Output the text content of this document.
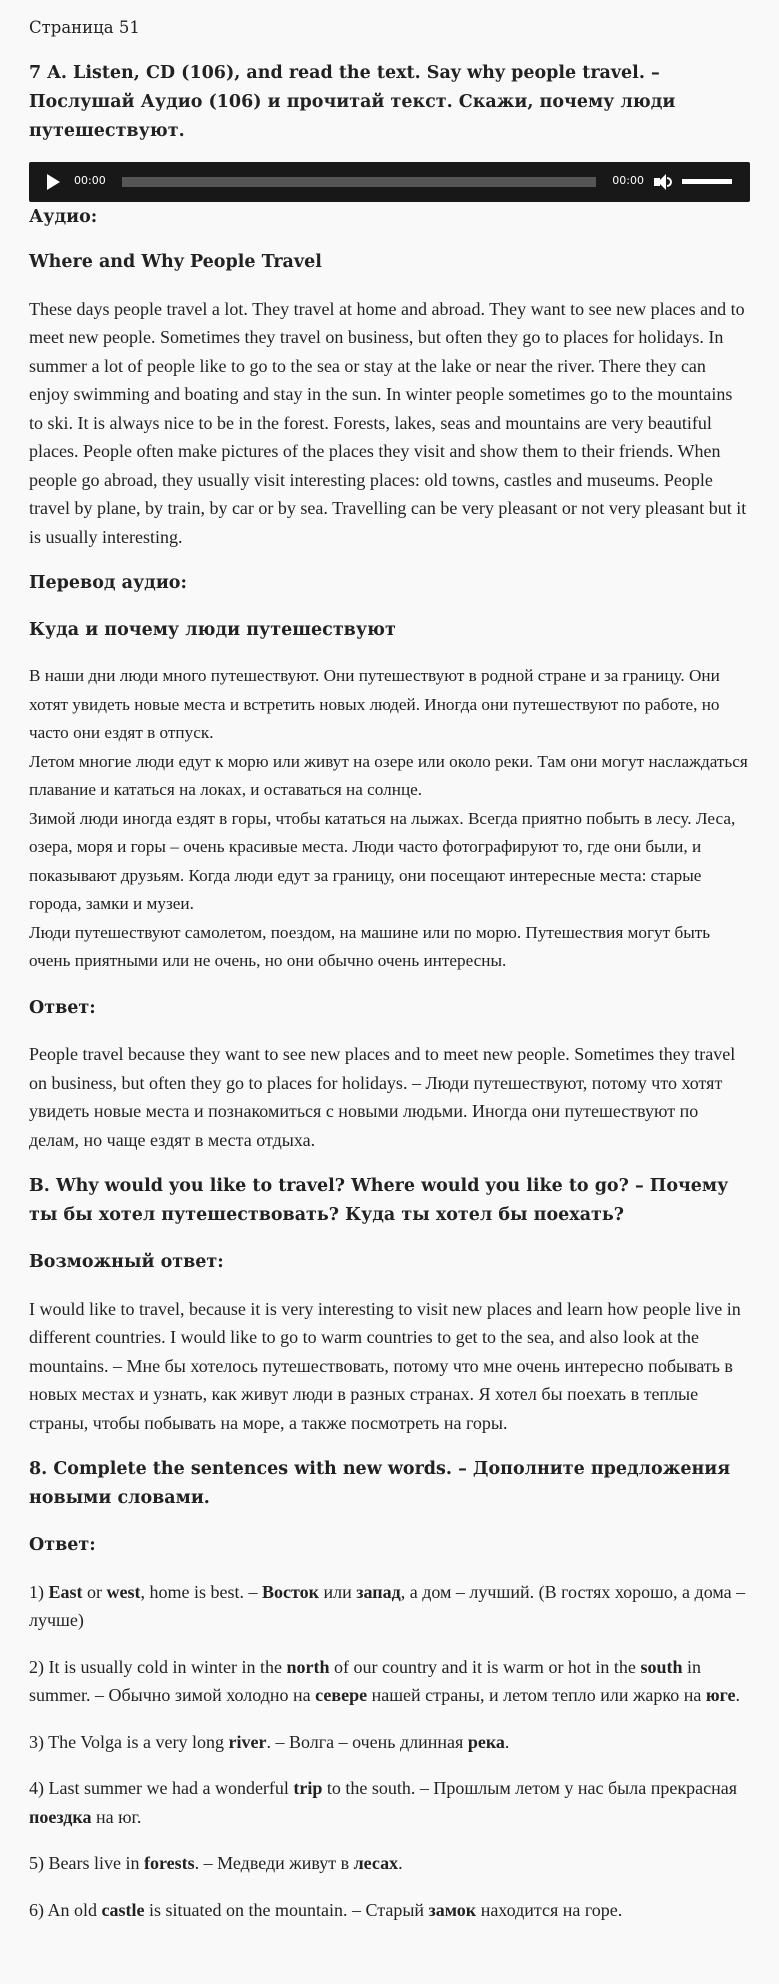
Страница 51

7 A. Listen, CD (106), and read the text. Say why people travel. – Послушай Аудио (106) и прочитай текст. Скажи, почему люди путешествуют.

00:00	00:00

Аудио:

Where and Why People Travel

These days people travel a lot. They travel at home and abroad. They want to see new places and to meet new people. Sometimes they travel on business, but often they go to places for holidays. In summer a lot of people like to go to the sea or stay at the lake or near the river. There they can enjoy swimming and boating and stay in the sun. In winter people sometimes go to the mountains to ski. It is always nice to be in the forest. Forests, lakes, seas and mountains are very beautiful places. People often make pictures of the places they visit and show them to their friends. When people go abroad, they usually visit interesting places: old towns, castles and museums. People travel by plane, by train, by car or by sea. Travelling can be very pleasant or not very pleasant but it is usually interesting.

Перевод аудио:

Куда и почему люди путешествуют

В наши дни люди много путешествуют. Они путешествуют в родной стране и за границу. Они хотят увидеть новые места и встретить новых людей. Иногда они путешествуют по работе, но часто они ездят в отпуск.

Летом многие люди едут к морю или живут на озере или около реки. Там они могут наслаждаться плавание и кататься на локах, и оставаться на солнце.

Зимой люди иногда ездят в горы, чтобы кататься на лыжах. Всегда приятно побыть в лесу. Леса, озера, моря и горы – очень красивые места. Люди часто фотографируют то, где они были, и показывают друзьям. Когда люди едут за границу, они посещают интересные места: старые города, замки и музеи.

Люди путешествуют самолетом, поездом, на машине или по морю. Путешествия могут быть очень приятными или не очень, но они обычно очень интересны.

Ответ:

People travel because they want to see new places and to meet new people. Sometimes they travel on business, but often they go to places for holidays. – Люди путешествуют, потому что хотят увидеть новые места и познакомиться с новыми людьми. Иногда они путешествуют по делам, но чаще ездят в места отдыха.

B. Why would you like to travel? Where would you like to go? – Почему ты бы хотел путешествовать? Куда ты хотел бы поехать?

Возможный ответ:

I would like to travel, because it is very interesting to visit new places and learn how people live in different countries. I would like to go to warm countries to get to the sea, and also look at the mountains. – Мне бы хотелось путешествовать, потому что мне очень интересно побывать в новых местах и узнать, как живут люди в разных странах. Я хотел бы поехать в теплые страны, чтобы побывать на море, а также посмотреть на горы.

8. Complete the sentences with new words. – Дополните предложения новыми словами.

Ответ:

1) East or west, home is best. – Восток или запад, а дом – лучший. (В гостях хорошо, а дома – лучше)

2) It is usually cold in winter in the north of our country and it is warm or hot in the south in summer. – Обычно зимой холодно на севере нашей страны, и летом тепло или жарко на юге.

3) The Volga is a very long river. – Волга – очень длинная река.

4) Last summer we had a wonderful trip to the south. – Прошлым летом у нас была прекрасная поездка на юг.

5) Bears live in forests. – Медведи живут в лесах.

6) An old castle is situated on the mountain. – Старый замок находится на горе.
